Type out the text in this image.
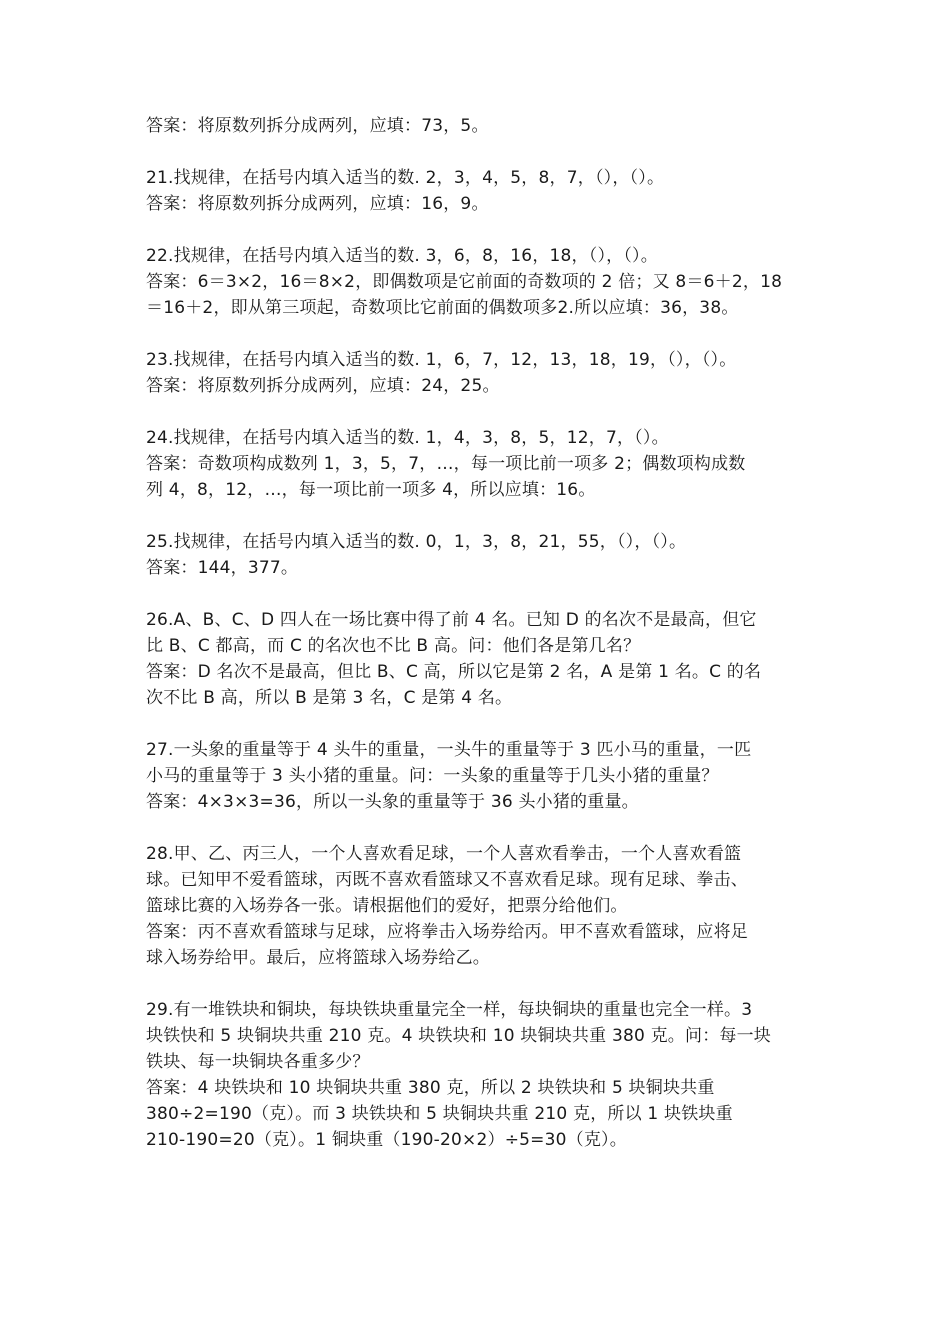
答案：将原数列拆分成两列，应填：73，5。
21.找规律，在括号内填入适当的数. 2，3，4，5，8，7，（），（）。
答案：将原数列拆分成两列，应填：16，9。
22.找规律，在括号内填入适当的数. 3，6，8，16，18，（），（）。
答案：6＝3×2，16＝8×2，即偶数项是它前面的奇数项的 2 倍；又 8＝6＋2，18
＝16＋2，即从第三项起，奇数项比它前面的偶数项多2.所以应填：36，38。
23.找规律，在括号内填入适当的数. 1，6，7，12，13，18，19，（），（）。
答案：将原数列拆分成两列，应填：24，25。
24.找规律，在括号内填入适当的数. 1，4，3，8，5，12，7，（）。
答案：奇数项构成数列 1，3，5，7，…，每一项比前一项多 2；偶数项构成数
列 4，8，12，…，每一项比前一项多 4，所以应填：16。
25.找规律，在括号内填入适当的数. 0，1，3，8，21，55，（），（）。
答案：144，377。
26.A、B、C、D 四人在一场比赛中得了前 4 名。已知 D 的名次不是最高，但它
比 B、C 都高，而 C 的名次也不比 B 高。问：他们各是第几名？
答案：D 名次不是最高，但比 B、C 高，所以它是第 2 名，A 是第 1 名。C 的名
次不比 B 高，所以 B 是第 3 名，C 是第 4 名。
27.一头象的重量等于 4 头牛的重量，一头牛的重量等于 3 匹小马的重量，一匹
小马的重量等于 3 头小猪的重量。问：一头象的重量等于几头小猪的重量？
答案：4×3×3=36，所以一头象的重量等于 36 头小猪的重量。
28.甲、乙、丙三人，一个人喜欢看足球，一个人喜欢看拳击，一个人喜欢看篮
球。已知甲不爱看篮球，丙既不喜欢看篮球又不喜欢看足球。现有足球、拳击、
篮球比赛的入场券各一张。请根据他们的爱好，把票分给他们。
答案：丙不喜欢看篮球与足球，应将拳击入场券给丙。甲不喜欢看篮球，应将足
球入场券给甲。最后，应将篮球入场券给乙。
29.有一堆铁块和铜块，每块铁块重量完全一样，每块铜块的重量也完全一样。3
块铁快和 5 块铜块共重 210 克。4 块铁块和 10 块铜块共重 380 克。问：每一块
铁块、每一块铜块各重多少？
答案：4 块铁块和 10 块铜块共重 380 克，所以 2 块铁块和 5 块铜块共重
380÷2=190（克）。而 3 块铁块和 5 块铜块共重 210 克，所以 1 块铁块重
210-190=20（克）。1 铜块重（190-20×2）÷5=30（克）。
